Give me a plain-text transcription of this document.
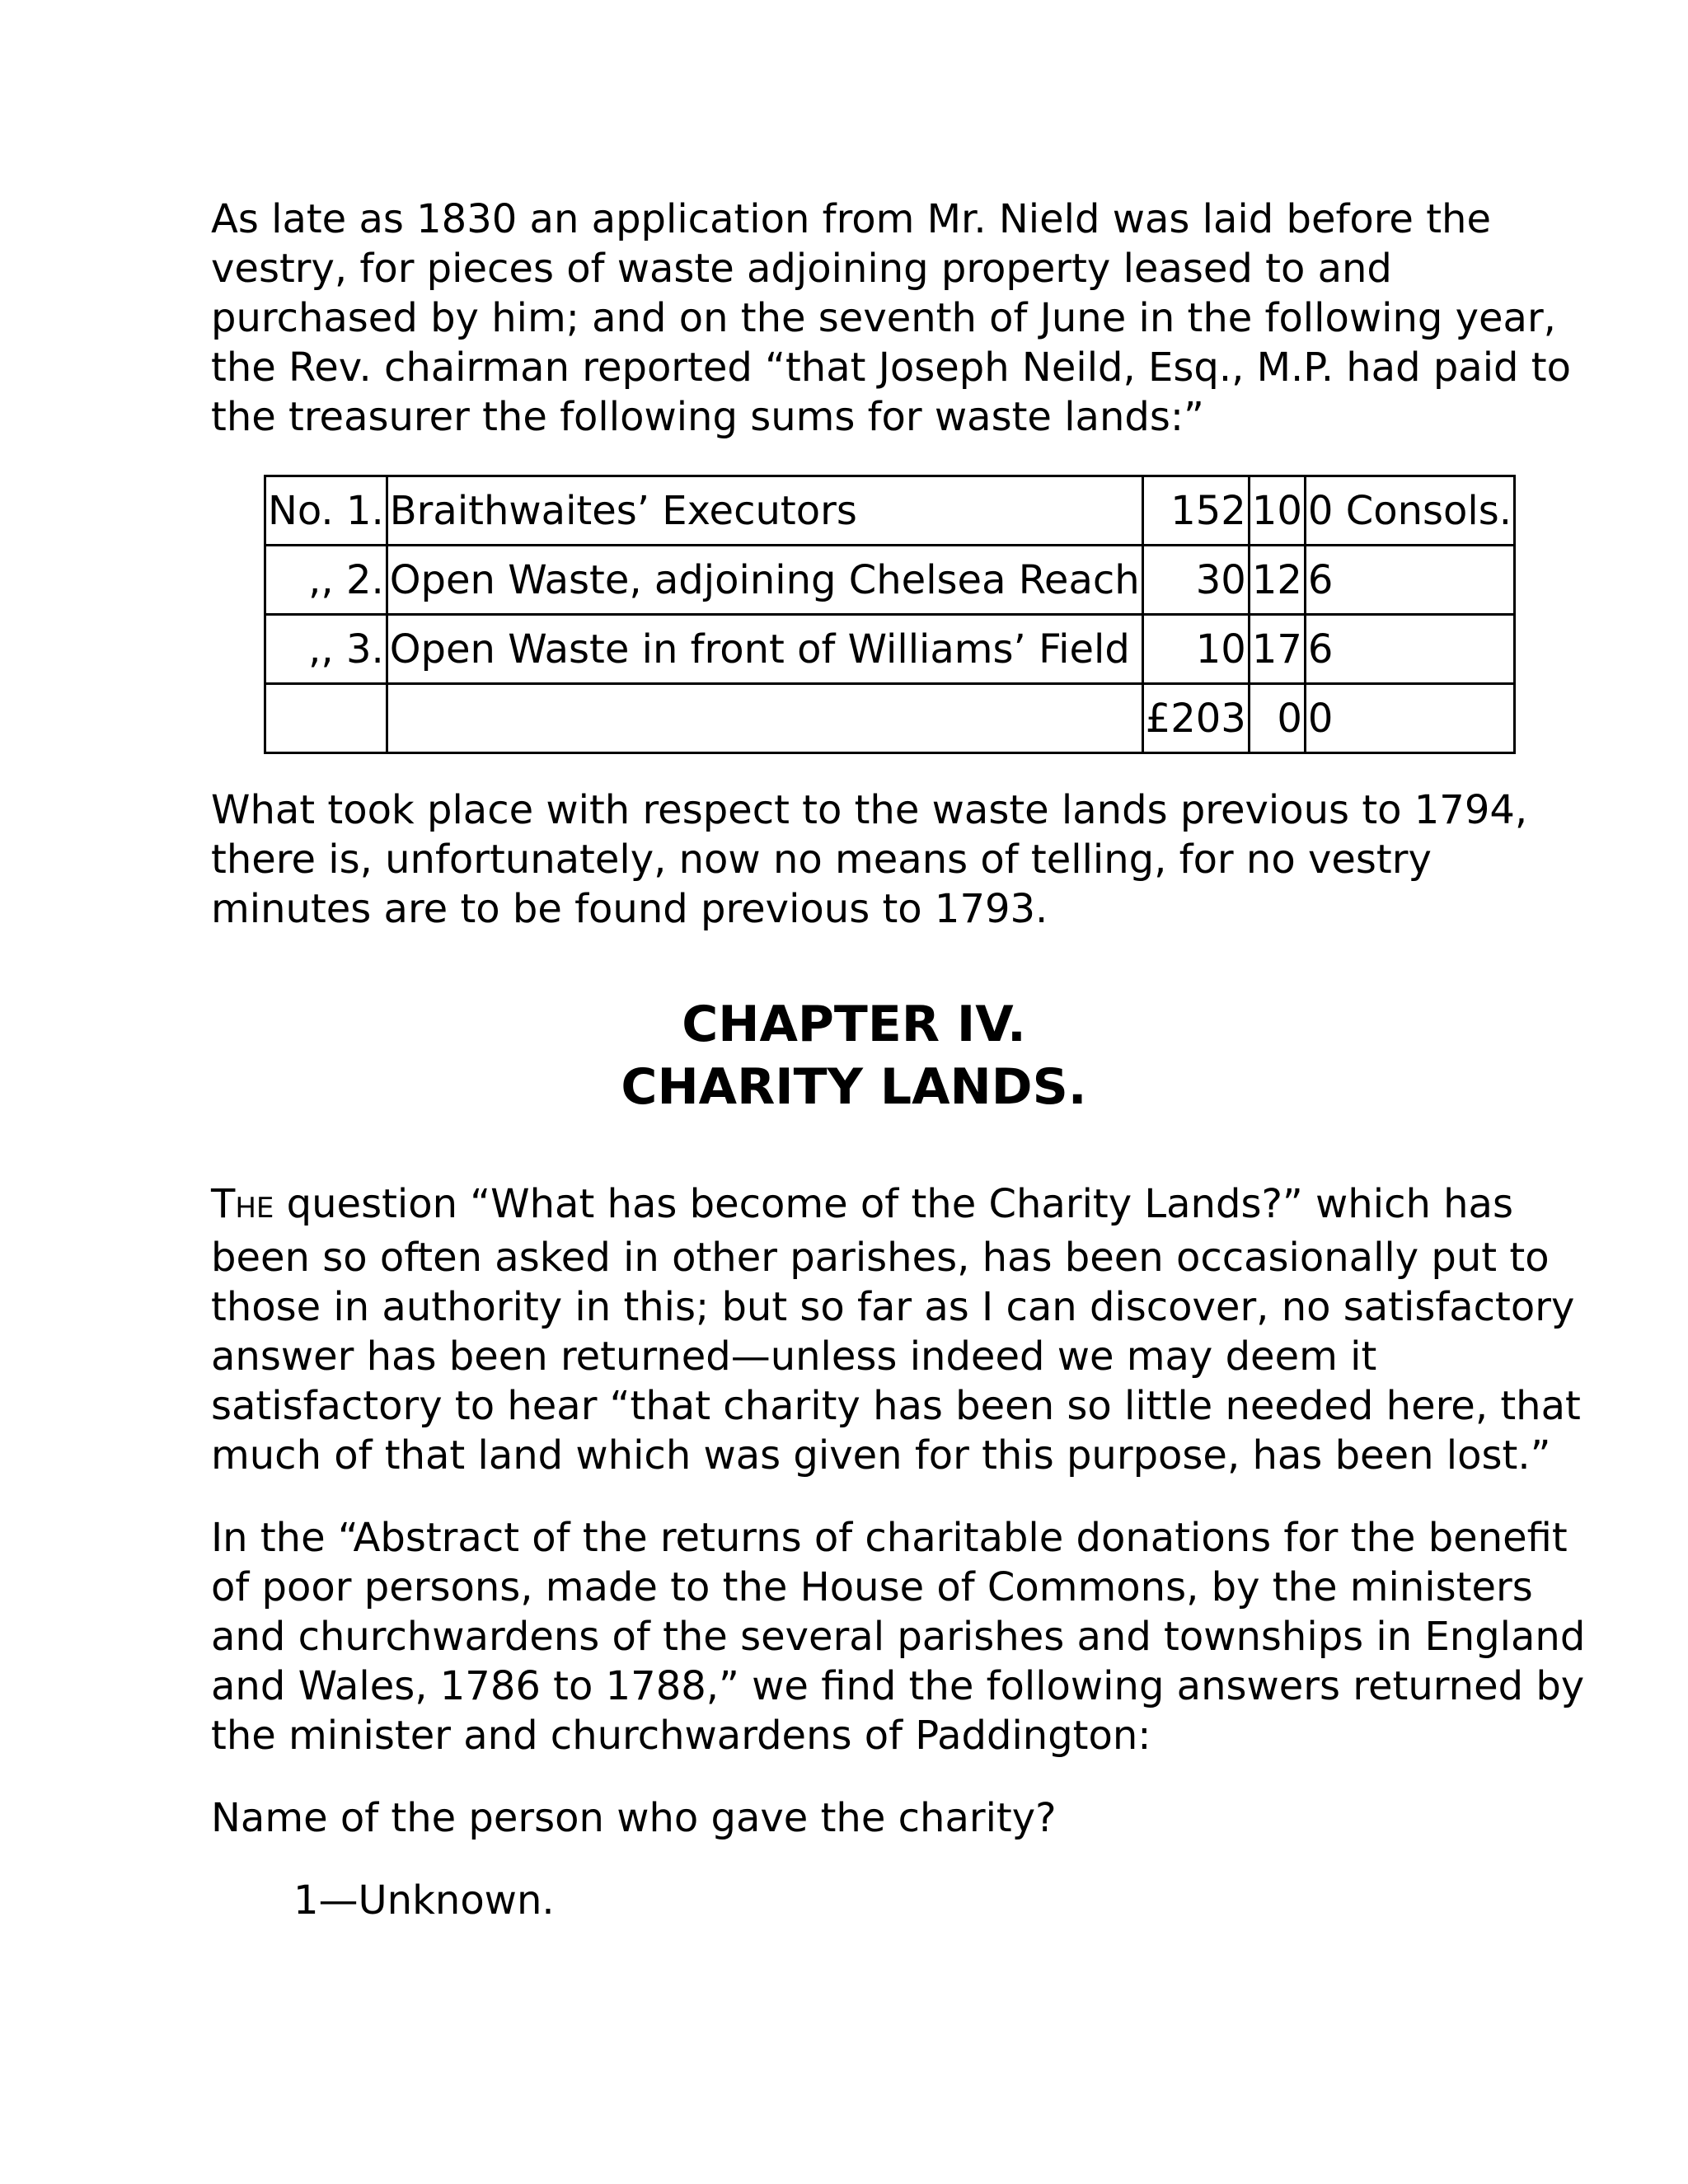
As late as 1830 an application from Mr. Nield was laid before the
vestry, for pieces of waste adjoining property leased to and
purchased by him; and on the seventh of June in the following year,
the Rev. chairman reported “that Joseph Neild, Esq., M.P. had paid to
the treasurer the following sums for waste lands:”

No. 1.	Braithwaites’ Executors	152	10	0 Consols.
,, 2.	Open Waste, adjoining Chelsea Reach	30	12	6
,, 3.	Open Waste in front of Williams’ Field	10	17	6
		£203	0	0

What took place with respect to the waste lands previous to 1794,
there is, unfortunately, now no means of telling, for no vestry
minutes are to be found previous to 1793.

CHAPTER IV.
CHARITY LANDS.

THE question “What has become of the Charity Lands?” which has
been so often asked in other parishes, has been occasionally put to
those in authority in this; but so far as I can discover, no satisfactory
answer has been returned—unless indeed we may deem it
satisfactory to hear “that charity has been so little needed here, that
much of that land which was given for this purpose, has been lost.”

In the “Abstract of the returns of charitable donations for the benefit
of poor persons, made to the House of Commons, by the ministers
and churchwardens of the several parishes and townships in England
and Wales, 1786 to 1788,” we find the following answers returned by
the minister and churchwardens of Paddington:

Name of the person who gave the charity?

1—Unknown.
